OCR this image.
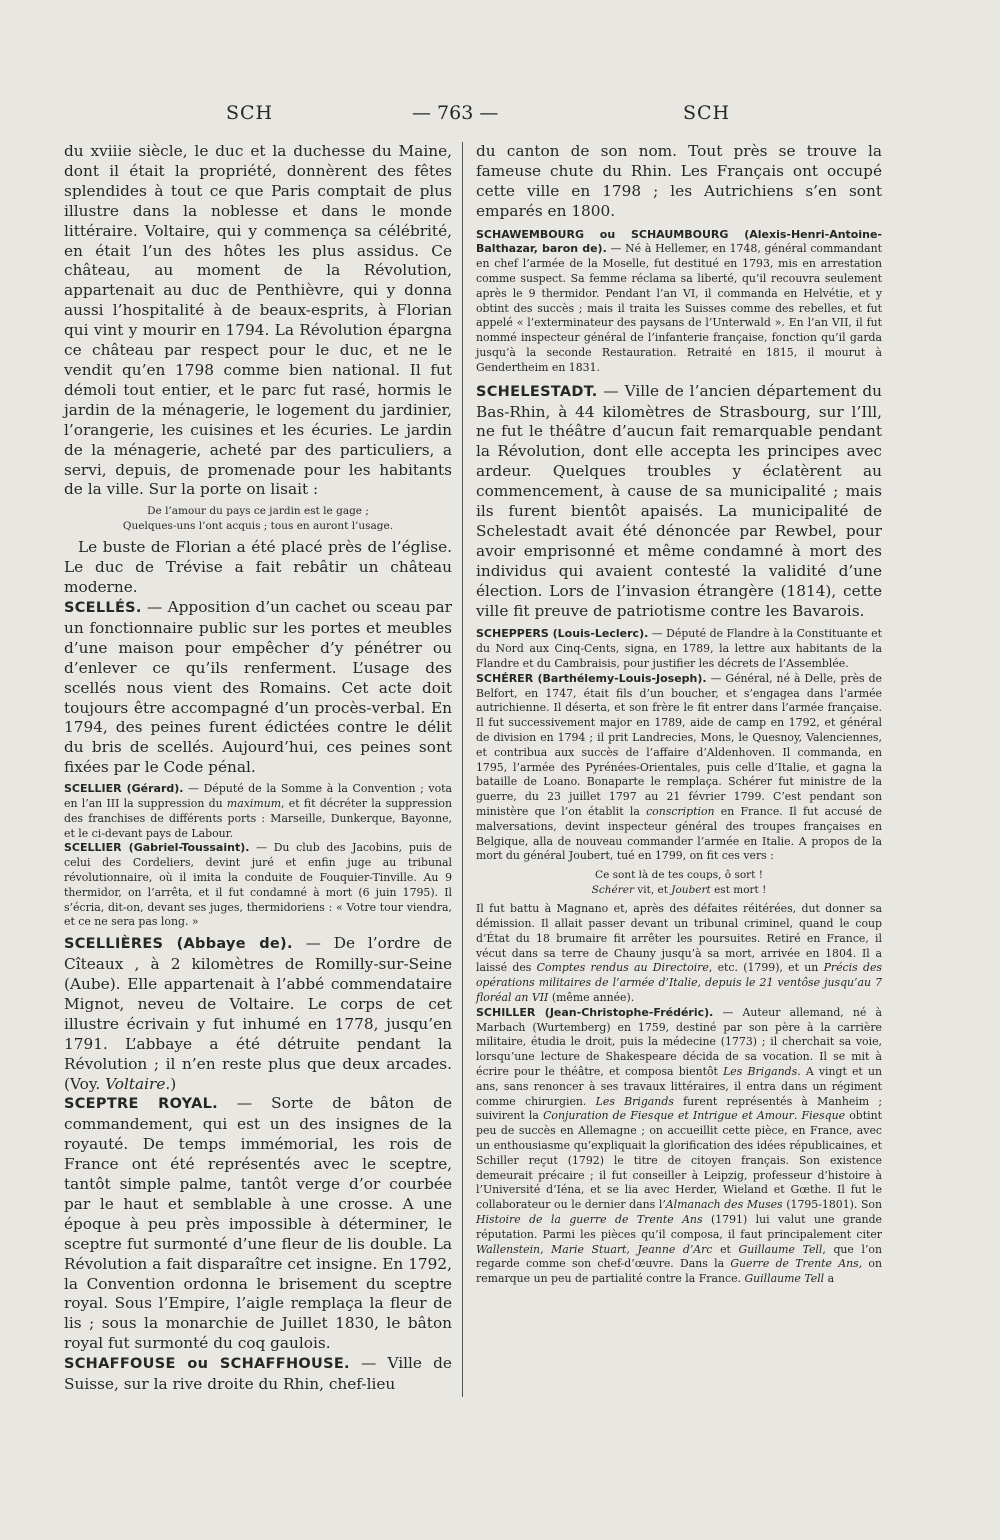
SCH	— 763 —	SCH

du xviiie siècle, le duc et la duchesse du Maine, dont il était la propriété, donnèrent des fêtes splendides à tout ce que Paris comptait de plus illustre dans la noblesse et dans le monde littéraire. Voltaire, qui y commença sa célébrité, en était l’un des hôtes les plus assidus. Ce château, au moment de la Révolution, appartenait au duc de Penthièvre, qui y donna aussi l’hospitalité à de beaux-esprits, à Florian qui vint y mourir en 1794. La Révolution épargna ce château par respect pour le duc, et ne le vendit qu’en 1798 comme bien national. Il fut démoli tout entier, et le parc fut rasé, hormis le jardin de la ménagerie, le logement du jardinier, l’orangerie, les cuisines et les écuries. Le jardin de la ménagerie, acheté par des particuliers, a servi, depuis, de promenade pour les habitants de la ville. Sur la porte on lisait :

De l’amour du pays ce jardin est le gage ;
Quelques-uns l’ont acquis ; tous en auront l’usage.

Le buste de Florian a été placé près de l’église. Le duc de Trévise a fait rebâtir un château moderne.

SCELLÉS. — Apposition d’un cachet ou sceau par un fonctionnaire public sur les portes et meubles d’une maison pour empêcher d’y pénétrer ou d’enlever ce qu’ils renferment. L’usage des scellés nous vient des Romains. Cet acte doit toujours être accompagné d’un procès-verbal. En 1794, des peines furent édictées contre le délit du bris de scellés. Aujourd’hui, ces peines sont fixées par le Code pénal.

SCELLIER (Gérard). — Député de la Somme à la Convention ; vota en l’an III la suppression du maximum, et fit décréter la suppression des franchises de différents ports : Marseille, Dunkerque, Bayonne, et le ci-devant pays de Labour.

SCELLIER (Gabriel-Toussaint). — Du club des Jacobins, puis de celui des Cordeliers, devint juré et enfin juge au tribunal révolutionnaire, où il imita la conduite de Fouquier-Tinville. Au 9 thermidor, on l’arrêta, et il fut condamné à mort (6 juin 1795). Il s’écria, dit-on, devant ses juges, thermidoriens : « Votre tour viendra, et ce ne sera pas long. »

SCELLIÈRES (Abbaye de). — De l’ordre de Cîteaux , à 2 kilomètres de Romilly-sur-Seine (Aube). Elle appartenait à l’abbé commendataire Mignot, neveu de Voltaire. Le corps de cet illustre écrivain y fut inhumé en 1778, jusqu’en 1791. L’abbaye a été détruite pendant la Révolution ; il n’en reste plus que deux arcades. (Voy. Voltaire.)

SCEPTRE ROYAL. — Sorte de bâton de commandement, qui est un des insignes de la royauté. De temps immémorial, les rois de France ont été représentés avec le sceptre, tantôt simple palme, tantôt verge d’or courbée par le haut et semblable à une crosse. A une époque à peu près impossible à déterminer, le sceptre fut surmonté d’une fleur de lis double. La Révolution a fait disparaître cet insigne. En 1792, la Convention ordonna le brisement du sceptre royal. Sous l’Empire, l’aigle remplaça la fleur de lis ; sous la monarchie de Juillet 1830, le bâton royal fut surmonté du coq gaulois.

SCHAFFOUSE ou SCHAFFHOUSE. — Ville de Suisse, sur la rive droite du Rhin, chef-lieu

du canton de son nom. Tout près se trouve la fameuse chute du Rhin. Les Français ont occupé cette ville en 1798 ; les Autrichiens s’en sont emparés en 1800.

SCHAWEMBOURG ou SCHAUMBOURG (Alexis-Henri-Antoine-Balthazar, baron de). — Né à Hellemer, en 1748, général commandant en chef l’armée de la Moselle, fut destitué en 1793, mis en arrestation comme suspect. Sa femme réclama sa liberté, qu’il recouvra seulement après le 9 thermidor. Pendant l’an VI, il commanda en Helvétie, et y obtint des succès ; mais il traita les Suisses comme des rebelles, et fut appelé « l’exterminateur des paysans de l’Unterwald ». En l’an VII, il fut nommé inspecteur général de l’infanterie française, fonction qu’il garda jusqu’à la seconde Restauration. Retraité en 1815, il mourut à Gendertheim en 1831.

SCHELESTADT. — Ville de l’ancien département du Bas-Rhin, à 44 kilomètres de Strasbourg, sur l’Ill, ne fut le théâtre d’aucun fait remarquable pendant la Révolution, dont elle accepta les principes avec ardeur. Quelques troubles y éclatèrent au commencement, à cause de sa municipalité ; mais ils furent bientôt apaisés. La municipalité de Schelestadt avait été dénoncée par Rewbel, pour avoir emprisonné et même condamné à mort des individus qui avaient contesté la validité d’une élection. Lors de l’invasion étrangère (1814), cette ville fit preuve de patriotisme contre les Bavarois.

SCHEPPERS (Louis-Leclerc). — Député de Flandre à la Constituante et du Nord aux Cinq-Cents, signa, en 1789, la lettre aux habitants de la Flandre et du Cambraisis, pour justifier les décrets de l’Assemblée.

SCHÉRER (Barthélemy-Louis-Joseph). — Général, né à Delle, près de Belfort, en 1747, était fils d’un boucher, et s’engagea dans l’armée autrichienne. Il déserta, et son frère le fit entrer dans l’armée française. Il fut successivement major en 1789, aide de camp en 1792, et général de division en 1794 ; il prit Landrecies, Mons, le Quesnoy, Valenciennes, et contribua aux succès de l’affaire d’Aldenhoven. Il commanda, en 1795, l’armée des Pyrénées-Orientales, puis celle d’Italie, et gagna la bataille de Loano. Bonaparte le remplaça. Schérer fut ministre de la guerre, du 23 juillet 1797 au 21 février 1799. C’est pendant son ministère que l’on établit la conscription en France. Il fut accusé de malversations, devint inspecteur général des troupes françaises en Belgique, alla de nouveau commander l’armée en Italie. A propos de la mort du général Joubert, tué en 1799, on fit ces vers :

Ce sont là de tes coups, ô sort !
Schérer vit, et Joubert est mort !

Il fut battu à Magnano et, après des défaites réitérées, dut donner sa démission. Il allait passer devant un tribunal criminel, quand le coup d’État du 18 brumaire fit arrêter les poursuites. Retiré en France, il vécut dans sa terre de Chauny jusqu’à sa mort, arrivée en 1804. Il a laissé des Comptes rendus au Directoire, etc. (1799), et un Précis des opérations militaires de l’armée d’Italie, depuis le 21 ventôse jusqu’au 7 floréal an VII (même année).

SCHILLER (Jean-Christophe-Frédéric). — Auteur allemand, né à Marbach (Wurtemberg) en 1759, destiné par son père à la carrière militaire, étudia le droit, puis la médecine (1773) ; il cherchait sa voie, lorsqu’une lecture de Shakespeare décida de sa vocation. Il se mit à écrire pour le théâtre, et composa bientôt Les Brigands. A vingt et un ans, sans renoncer à ses travaux littéraires, il entra dans un régiment comme chirurgien. Les Brigands furent représentés à Manheim ; suivirent la Conjuration de Fiesque et Intrigue et Amour. Fiesque obtint peu de succès en Allemagne ; on accueillit cette pièce, en France, avec un enthousiasme qu’expliquait la glorification des idées républicaines, et Schiller reçut (1792) le titre de citoyen français. Son existence demeurait précaire ; il fut conseiller à Leipzig, professeur d’histoire à l’Université d’Iéna, et se lia avec Herder, Wieland et Gœthe. Il fut le collaborateur ou le dernier dans l’Almanach des Muses (1795-1801). Son Histoire de la guerre de Trente Ans (1791) lui valut une grande réputation. Parmi les pièces qu’il composa, il faut principalement citer Wallenstein, Marie Stuart, Jeanne d’Arc et Guillaume Tell, que l’on regarde comme son chef-d’œuvre. Dans la Guerre de Trente Ans, on remarque un peu de partialité contre la France. Guillaume Tell a
